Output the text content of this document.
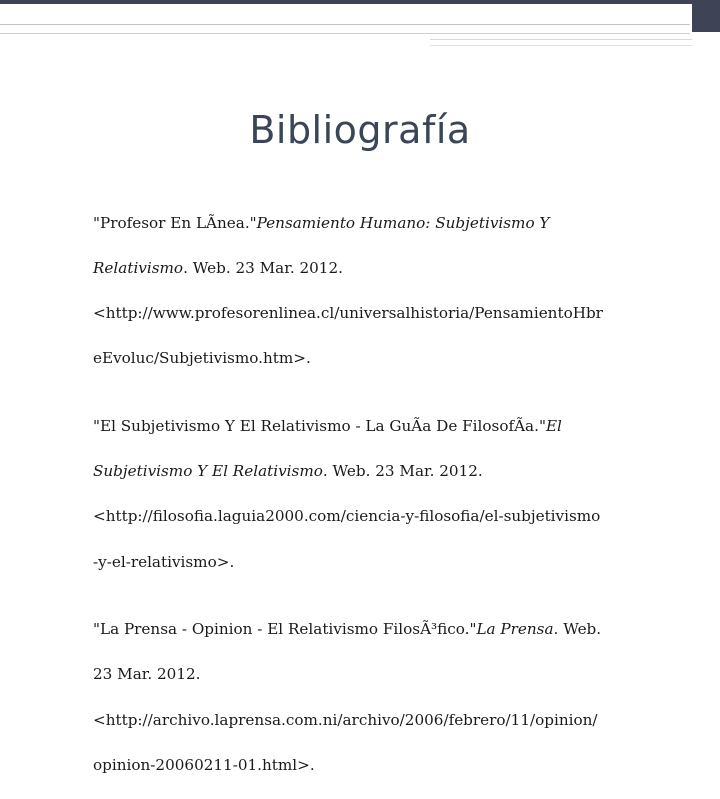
Bibliografía

"Profesor En LÃnea."Pensamiento Humano: Subjetivismo Y

Relativismo. Web. 23 Mar. 2012.

<http://www.profesorenlinea.cl/universalhistoria/PensamientoHbr

eEvoluc/Subjetivismo.htm>.

"El Subjetivismo Y El Relativismo - La GuÃa De FilosofÃa."El

Subjetivismo Y El Relativismo. Web. 23 Mar. 2012.

<http://filosofia.laguia2000.com/ciencia-y-filosofia/el-subjetivismo

-y-el-relativismo>.

"La Prensa - Opinion - El Relativismo FilosÃ³fico."La Prensa. Web.

23 Mar. 2012.

<http://archivo.laprensa.com.ni/archivo/2006/febrero/11/opinion/

opinion-20060211-01.html>.
